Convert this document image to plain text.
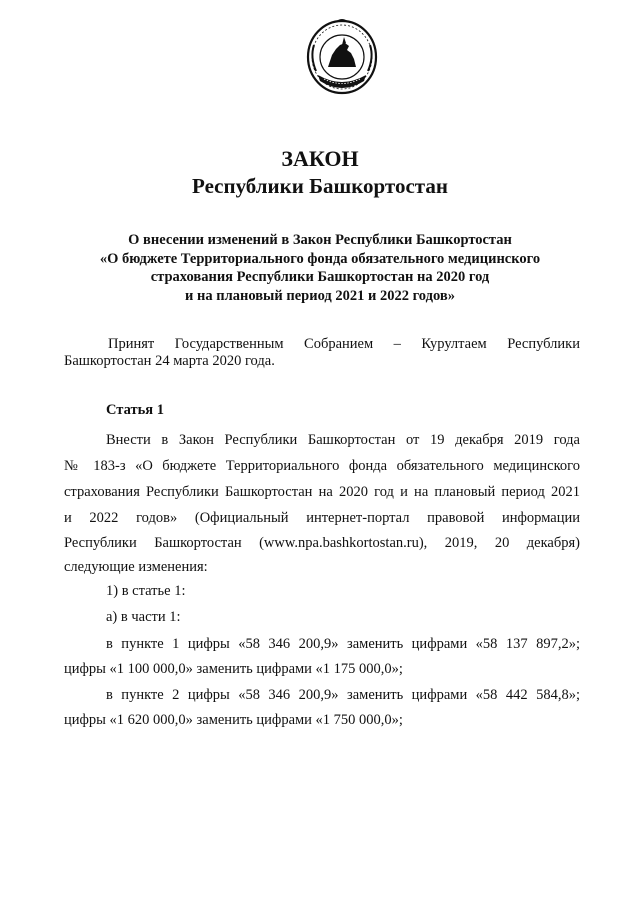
ЗАКОН
Республики Башкортостан
О внесении изменений в Закон Республики Башкортостан
«О бюджете Территориального фонда обязательного медицинского
страхования Республики Башкортостан на 2020 год
и на плановый период 2021 и 2022 годов»
Принят Государственным Собранием – Курултаем Республики
Башкортостан 24 марта 2020 года.
Статья 1
Внести в Закон Республики Башкортостан от 19 декабря 2019 года
№ 183-з «О бюджете Территориального фонда обязательного медицинского
страхования Республики Башкортостан на 2020 год и на плановый период 2021
и 2022 годов» (Официальный интернет-портал правовой информации
Республики Башкортостан (www.npa.bashkortostan.ru), 2019, 20 декабря)
следующие изменения:
1) в статье 1:
а) в части 1:
в пункте 1 цифры «58 346 200,9» заменить цифрами «58 137 897,2»;
цифры «1 100 000,0» заменить цифрами «1 175 000,0»;
в пункте 2 цифры «58 346 200,9» заменить цифрами «58 442 584,8»;
цифры «1 620 000,0» заменить цифрами «1 750 000,0»;
